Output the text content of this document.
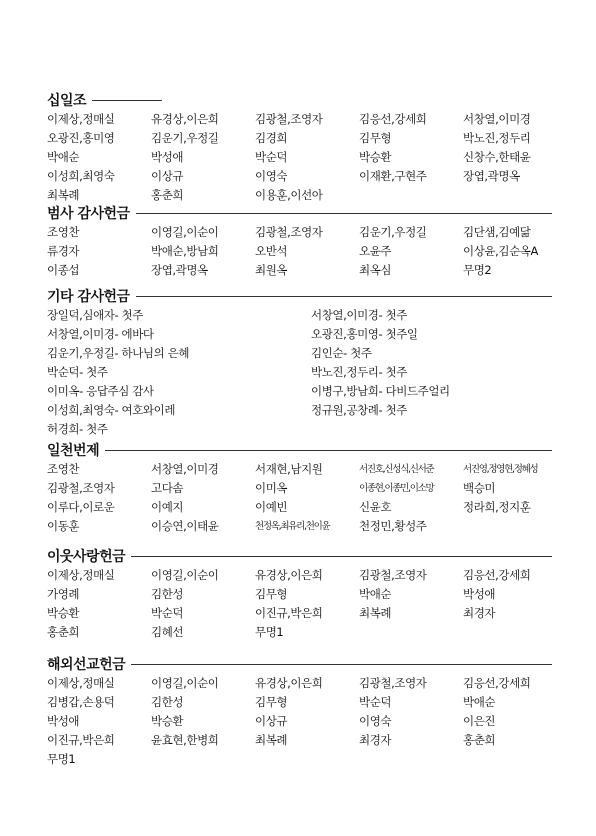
십일조
이제상,정매실	유경상,이은희	김광철,조영자	김응선,강세희	서창열,이미경
오광진,홍미영	김운기,우정길	김경희	김무형	박노진,정두리
박애순	박성애	박순덕	박승환	신창수,한태윤
이성희,최영숙	이상규	이영숙	이재환,구현주	장엽,곽명옥
최복례	홍춘희	이용훈,이선아
범사 감사헌금
조영찬	이영길,이순이	김광철,조영자	김운기,우정길	김단샘,김예닮
류경자	박애순,방남희	오반석	오윤주	이상윤,김순옥A
이종섭	장엽,곽명옥	최원옥	최옥심	무명2
기타 감사헌금
장일덕,심애자- 첫주	서창열,이미경- 첫주
서창열,이미경- 에바다	오광진,홍미영- 첫주일
김운기,우정길- 하나님의 은혜	김인순- 첫주
박순덕- 첫주	박노진,정두리- 첫주
이미옥- 응답주심 감사	이병구,방남희- 다비드주얼리
이성희,최영숙- 여호와이레	정규원,공창례- 첫주
허경희- 첫주
일천번제
조영찬	서창열,이미경	서재현,남지원	서진호,신성식,신서준	서진영,정영현,정혜성
김광철,조영자	고다솜	이미옥	이종현,이종민,이소망	백승미
이루다,이로운	이예지	이예빈	신윤호	정라희,정지훈
이동훈	이승연,이태윤	천정옥,최유리,천이윤	천정민,황성주
이웃사랑헌금
이제상,정매실	이영길,이순이	유경상,이은희	김광철,조영자	김응선,강세희
가영례	김한성	김무형	박애순	박성애
박승환	박순덕	이진규,박은희	최복례	최경자
홍춘희	김혜선	무명1
해외선교헌금
이제상,정매실	이영길,이순이	유경상,이은희	김광철,조영자	김응선,강세희
김병갑,손용덕	김한성	김무형	박순덕	박애순
박성애	박승환	이상규	이영숙	이은진
이진규,박은희	윤효현,한병희	최복례	최경자	홍춘희
무명1
